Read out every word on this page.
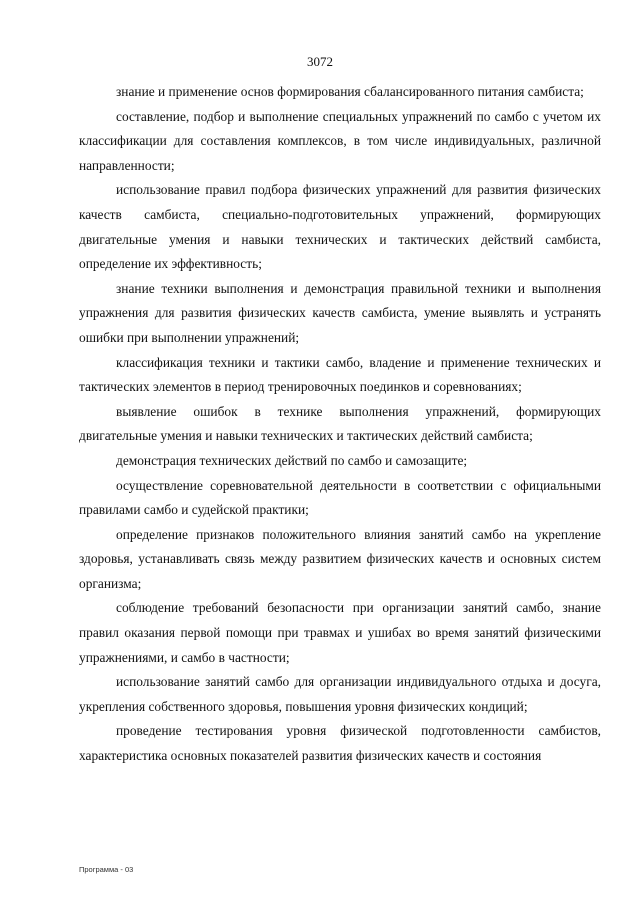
3072

знание и применение основ формирования сбалансированного питания самбиста;

составление, подбор и выполнение специальных упражнений по самбо с учетом их классификации для составления комплексов, в том числе индивидуальных, различной направленности;

использование правил подбора физических упражнений для развития физических качеств самбиста, специально-подготовительных упражнений, формирующих двигательные умения и навыки технических и тактических действий самбиста, определение их эффективность;

знание техники выполнения и демонстрация правильной техники и выполнения упражнения для развития физических качеств самбиста, умение выявлять и устранять ошибки при выполнении упражнений;

классификация техники и тактики самбо, владение и применение технических и тактических элементов в период тренировочных поединков и соревнованиях;

выявление ошибок в технике выполнения упражнений, формирующих двигательные умения и навыки технических и тактических действий самбиста;

демонстрация технических действий по самбо и самозащите;

осуществление соревновательной деятельности в соответствии с официальными правилами самбо и судейской практики;

определение признаков положительного влияния занятий самбо на укрепление здоровья, устанавливать связь между развитием физических качеств и основных систем организма;

соблюдение требований безопасности при организации занятий самбо, знание правил оказания первой помощи при травмах и ушибах во время занятий физическими упражнениями, и самбо в частности;

использование занятий самбо для организации индивидуального отдыха и досуга, укрепления собственного здоровья, повышения уровня физических кондиций;

проведение тестирования уровня физической подготовленности самбистов, характеристика основных показателей развития физических качеств и состояния

Программа - 03
